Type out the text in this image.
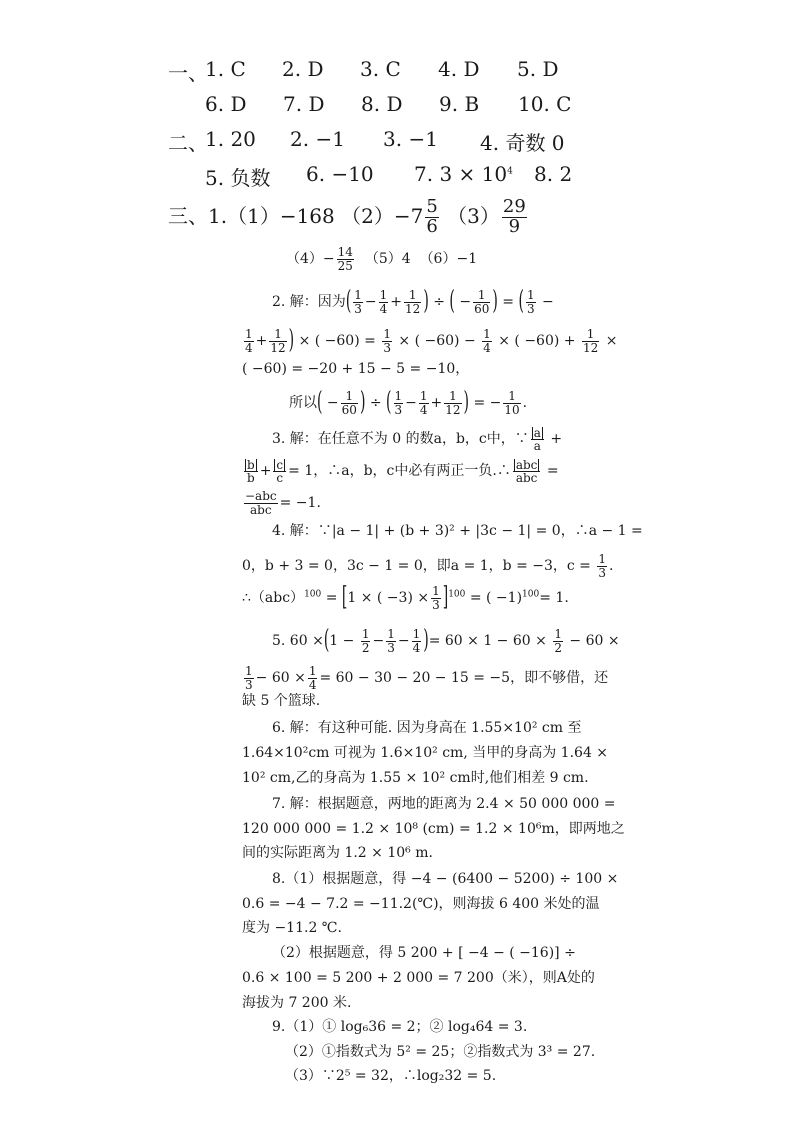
一、
1. C 2. D 3. C 4. D 5. D
6. D 7. D 8. D 9. B 10. C
二、
1. 20 2. −1 3. −1 4. 奇数 0
5. 负数 6. −10 7. $3 \times 10^4$ 8. 2
三、1.（1）−168 $(2)-7 \frac{5}{6} (3) \frac{29}{9}$
$(4)- \frac{14}{25} (5)4$ （6）−1
2. 解：因为( $\frac{1}{3} - \frac{1}{4} + \frac{1}{12}$ ) ÷ ( − $\frac{1}{60}$ ) = ( $\frac{1}{3}$ −
$\frac{1}{4} + \frac{1}{12}$ ) × ( $-60) = \frac{1}{3}$ × ( $-60) - \frac{1}{4}$ × ( $-60) + \frac{1}{12}$ ×
( −60) = −20 + 15 − 5 = −10，
所以( − $\frac{1}{60}$ ) ÷ ( $\frac{1}{3} - \frac{1}{4} + \frac{1}{12}$ ) = − $\frac{1}{10}$ .
3. 解：在任意不为 0 的数a，b，c中，∵ $\frac{a}{a}$ +
$\frac{b}{b} + \frac{c}{c} = 1$，∴a，b，c中必有两正一负.∴ $\frac{\text{abc}}{\text{abc}}$ =
$\frac{\text{−abc}}{\text{abc}} = -1$.
4. 解：∵|a − 1| + (b + 3)² + |3c − 1| = 0，∴a − 1 =
0，b + 3 = 0，3c − 1 = 0，即a = 1，b = −3，$c = \frac{1}{3}$ .
∴（abc）$^{100}$ = [1 × ( $-3) \times \frac{1}{3} ]^{100}$ = ( −1)$^{100}$= 1.
5. $60 \times(1 - \frac{1}{2} - \frac{1}{3} - \frac{1}{4}$ )= $60 \times 1 - 60 \times \frac{1}{2} - 60$ ×
$\frac{1}{3} - 60 \times \frac{1}{4} = 60 - 30 - 20 - 15 = -5$，即不够借，还
缺 5 个篮球.
6. 解：有这种可能. 因为身高在 1.55×10² cm 至
1.64×10²cm 可视为 1.6×10² cm, 当甲的身高为 1.64 ×
10² cm,乙的身高为 1.55 × 10² cm时,他们相差 9 cm.
7. 解：根据题意，两地的距离为 2.4 × 50 000 000 =
120 000 000 = 1.2 × 10⁸ (cm) = 1.2 × 10⁶m，即两地之
间的实际距离为 1.2 × 10⁶ m.
8.（1）根据题意，得 −4 − (6400 − 5200) ÷ 100 ×
0.6 = −4 − 7.2 = −11.2(℃)，则海拔 6 400 米处的温
度为 −11.2 ℃.
（2）根据题意，得 5 200 + [ −4 − ( −16)] ÷
0.6 × 100 = 5 200 + 2 000 = 7 200（米），则A处的
海拔为 7 200 米.
9.（1）① log₆36 = 2；② log₄64 = 3.
（2）①指数式为 5² = 25；②指数式为 3³ = 27.
（3）∵2⁵ = 32，∴log₂32 = 5.
